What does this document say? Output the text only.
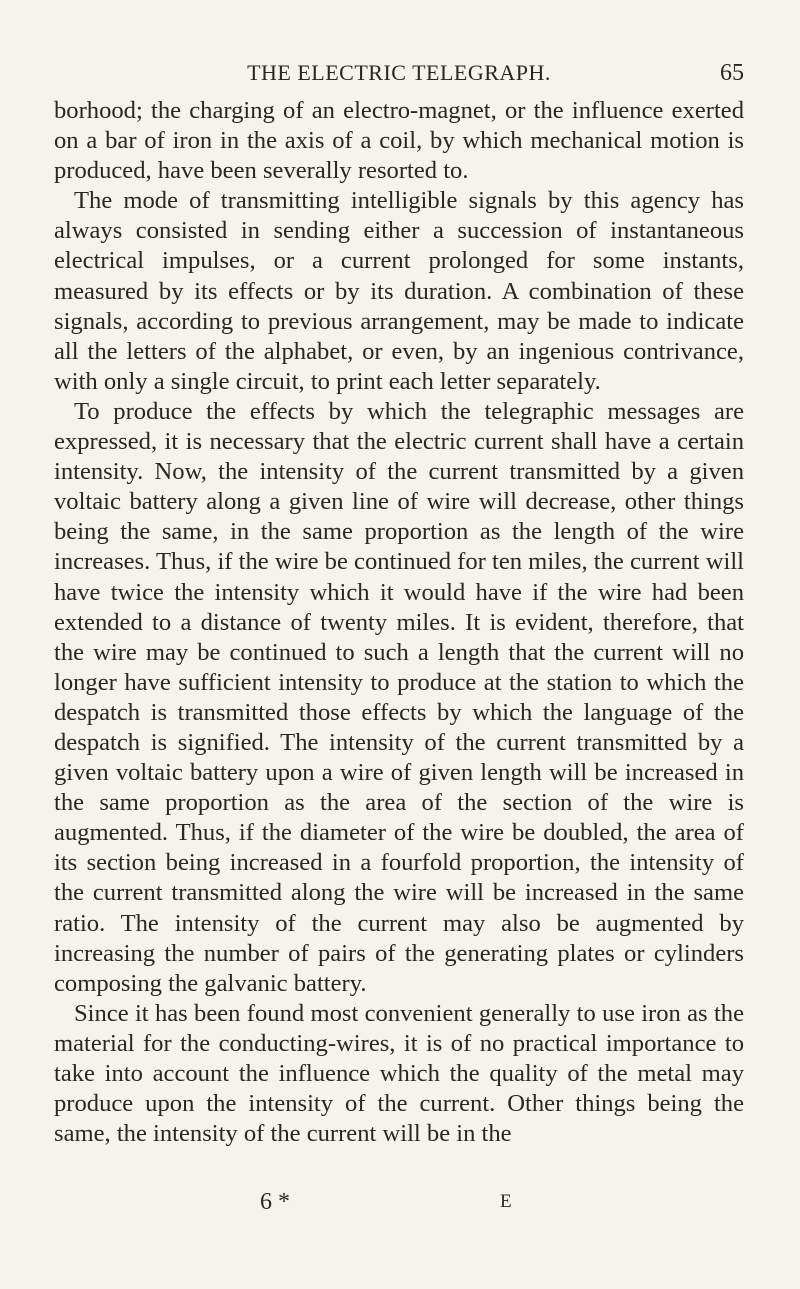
THE ELECTRIC TELEGRAPH.	65

borhood; the charging of an electro-magnet, or the influence exerted on a bar of iron in the axis of a coil, by which mechanical motion is produced, have been severally resorted to.

The mode of transmitting intelligible signals by this agency has always consisted in sending either a succession of instantaneous electrical impulses, or a current prolonged for some instants, measured by its effects or by its duration. A combination of these signals, according to previous arrangement, may be made to indicate all the letters of the alphabet, or even, by an ingenious contrivance, with only a single circuit, to print each letter separately.

To produce the effects by which the telegraphic messages are expressed, it is necessary that the electric current shall have a certain intensity. Now, the intensity of the current transmitted by a given voltaic battery along a given line of wire will decrease, other things being the same, in the same proportion as the length of the wire increases. Thus, if the wire be continued for ten miles, the current will have twice the intensity which it would have if the wire had been extended to a distance of twenty miles. It is evident, therefore, that the wire may be continued to such a length that the current will no longer have sufficient intensity to produce at the station to which the despatch is transmitted those effects by which the language of the despatch is signified. The intensity of the current transmitted by a given voltaic battery upon a wire of given length will be increased in the same proportion as the area of the section of the wire is augmented. Thus, if the diameter of the wire be doubled, the area of its section being increased in a fourfold proportion, the intensity of the current transmitted along the wire will be increased in the same ratio. The intensity of the current may also be augmented by increasing the number of pairs of the generating plates or cylinders composing the galvanic battery.

Since it has been found most convenient generally to use iron as the material for the conducting-wires, it is of no practical importance to take into account the influence which the quality of the metal may produce upon the intensity of the current. Other things being the same, the intensity of the current will be in the

6 *	E
